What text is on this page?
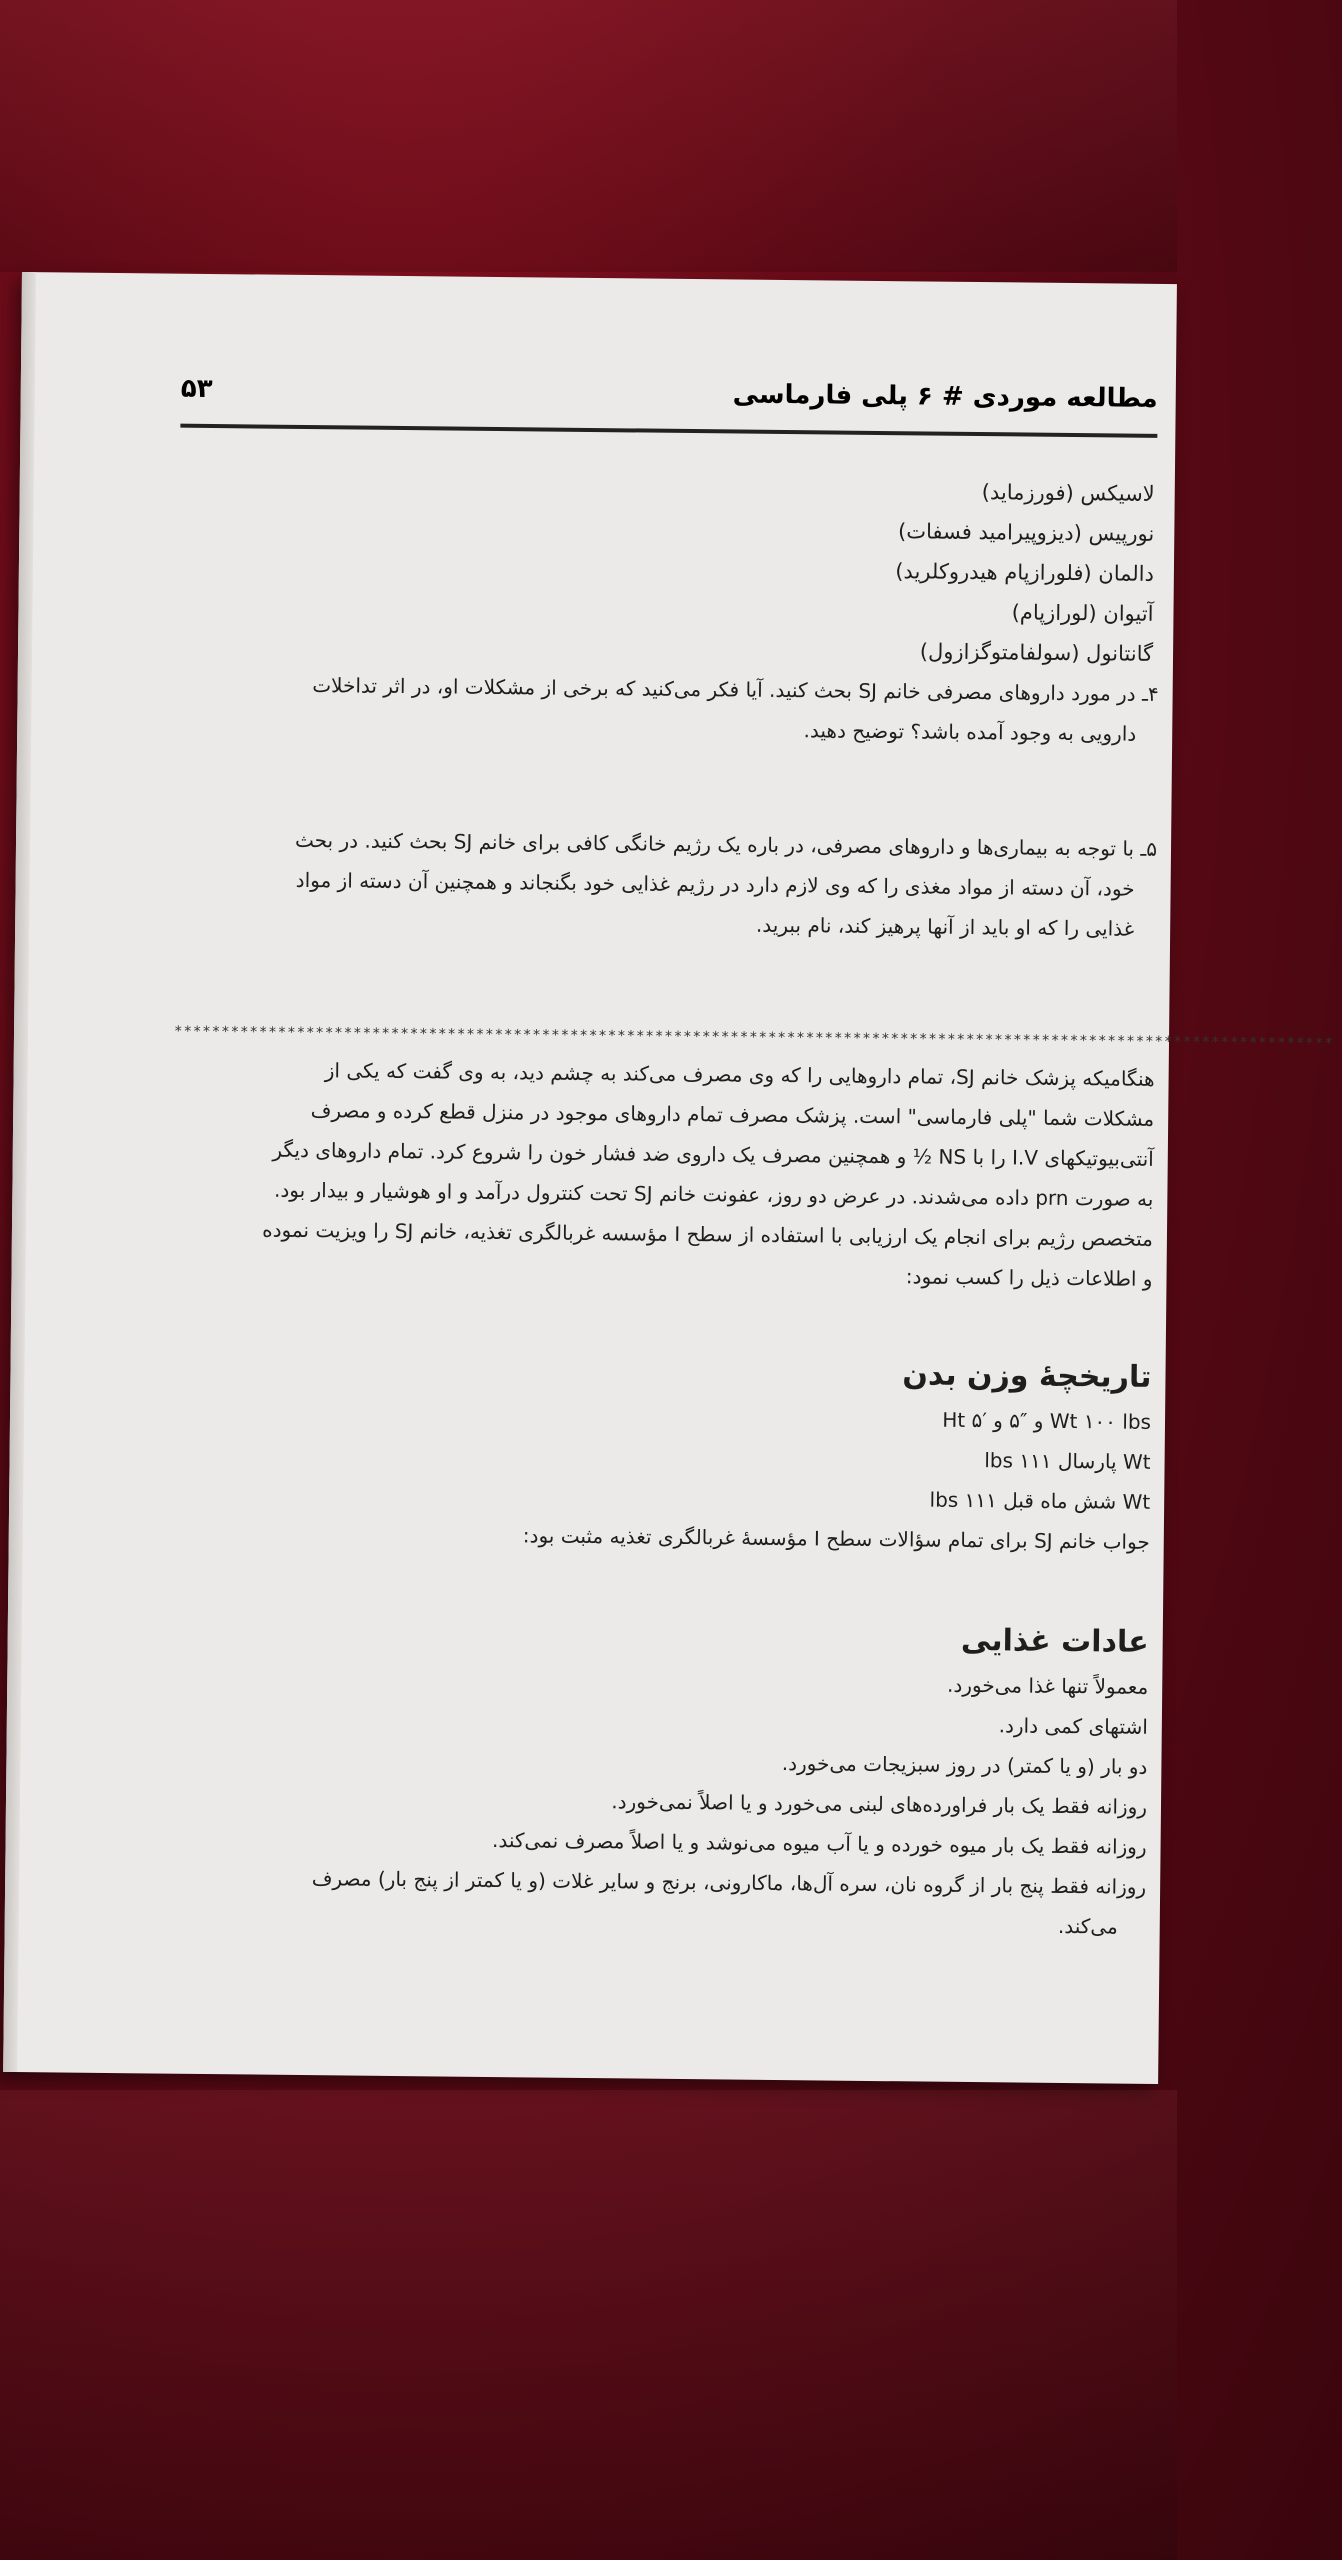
مطالعه موردی # ۶ پلی فارماسی
۵۳
لاسیکس (فورزماید)
نورپیس (دیزوپیرامید فسفات)
دالمان (فلورازپام هیدروکلرید)
آتیوان (لورازپام)
گانتانول (سولفامتوگزازول)
۴ـ در مورد داروهای مصرفی خانم SJ بحث کنید. آیا فکر می‌کنید که برخی از مشکلات او، در اثر تداخلات
دارویی به وجود آمده باشد؟ توضیح دهید.
۵ـ با توجه به بیماری‌ها و داروهای مصرفی، در باره یک رژیم خانگی کافی برای خانم SJ بحث کنید. در بحث
خود، آن دسته از مواد مغذی را که وی لازم دارد در رژیم غذایی خود بگنجاند و همچنین آن دسته از مواد
غذایی را که او باید از آنها پرهیز کند، نام ببرید.
***************************************************************************************************************************
هنگامیکه پزشک خانم SJ، تمام داروهایی را که وی مصرف می‌کند به چشم دید، به وی گفت که یکی از
مشکلات شما "پلی فارماسی" است. پزشک مصرف تمام داروهای موجود در منزل قطع کرده و مصرف
آنتی‌بیوتیکهای I.V را با NS ½ و همچنین مصرف یک داروی ضد فشار خون را شروع کرد. تمام داروهای دیگر
به صورت prn داده می‌شدند. در عرض دو روز، عفونت خانم SJ تحت کنترول درآمد و او هوشیار و بیدار بود.
متخصص رژیم برای انجام یک ارزیابی با استفاده از سطح I مؤسسه غربالگری تغذیه، خانم SJ را ویزیت نموده
و اطلاعات ذیل را کسب نمود:
تاریخچهٔ وزن بدن
Wt ۱۰۰ lbs و ″۵ و ′۵ Ht
Wt پارسال ۱۱۱ lbs
Wt شش ماه قبل ۱۱۱ lbs
جواب خانم SJ برای تمام سؤالات سطح I مؤسسهٔ غربالگری تغذیه مثبت بود:
عادات غذایی
معمولاً تنها غذا می‌خورد.
اشتهای کمی دارد.
دو بار (و یا کمتر) در روز سبزیجات می‌خورد.
روزانه فقط یک بار فراورده‌های لبنی می‌خورد و یا اصلاً نمی‌خورد.
روزانه فقط یک بار میوه خورده و یا آب میوه می‌نوشد و یا اصلاً مصرف نمی‌کند.
روزانه فقط پنج بار از گروه نان، سره آل‌ها، ماکارونی، برنج و سایر غلات (و یا کمتر از پنج بار) مصرف
می‌کند.
